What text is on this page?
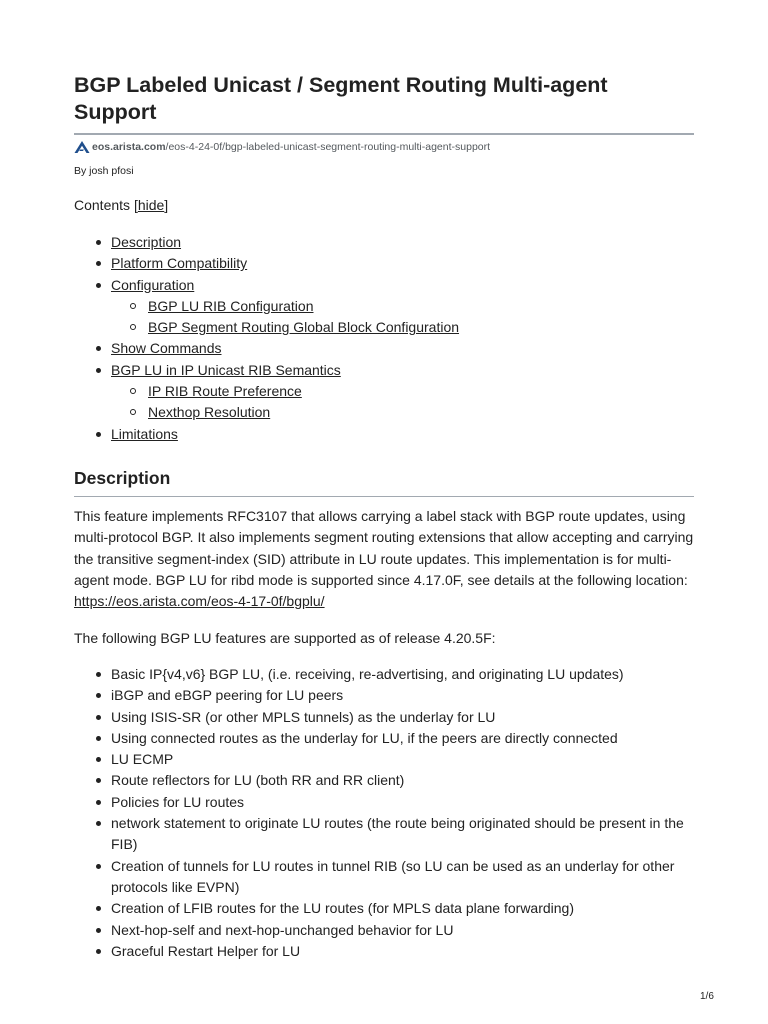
BGP Labeled Unicast / Segment Routing Multi-agent Support
eos.arista.com /eos-4-24-0f/bgp-labeled-unicast-segment-routing-multi-agent-support
By josh pfosi
Contents [hide]
Description
Platform Compatibility
Configuration
BGP LU RIB Configuration
BGP Segment Routing Global Block Configuration
Show Commands
BGP LU in IP Unicast RIB Semantics
IP RIB Route Preference
Nexthop Resolution
Limitations
Description

This feature implements RFC3107 that allows carrying a label stack with BGP route updates, using multi-protocol BGP. It also implements segment routing extensions that allow accepting and carrying the transitive segment-index (SID) attribute in LU route updates. This implementation is for multi-agent mode. BGP LU for ribd mode is supported since 4.17.0F, see details at the following location: https://eos.arista.com/eos-4-17-0f/bgplu/

The following BGP LU features are supported as of release 4.20.5F:

Basic IP{v4,v6} BGP LU, (i.e. receiving, re-advertising, and originating LU updates)
iBGP and eBGP peering for LU peers
Using ISIS-SR (or other MPLS tunnels) as the underlay for LU
Using connected routes as the underlay for LU, if the peers are directly connected
LU ECMP
Route reflectors for LU (both RR and RR client)
Policies for LU routes
network statement to originate LU routes (the route being originated should be present in the FIB)
Creation of tunnels for LU routes in tunnel RIB (so LU can be used as an underlay for other protocols like EVPN)
Creation of LFIB routes for the LU routes (for MPLS data plane forwarding)
Next-hop-self and next-hop-unchanged behavior for LU
Graceful Restart Helper for LU
1/6
